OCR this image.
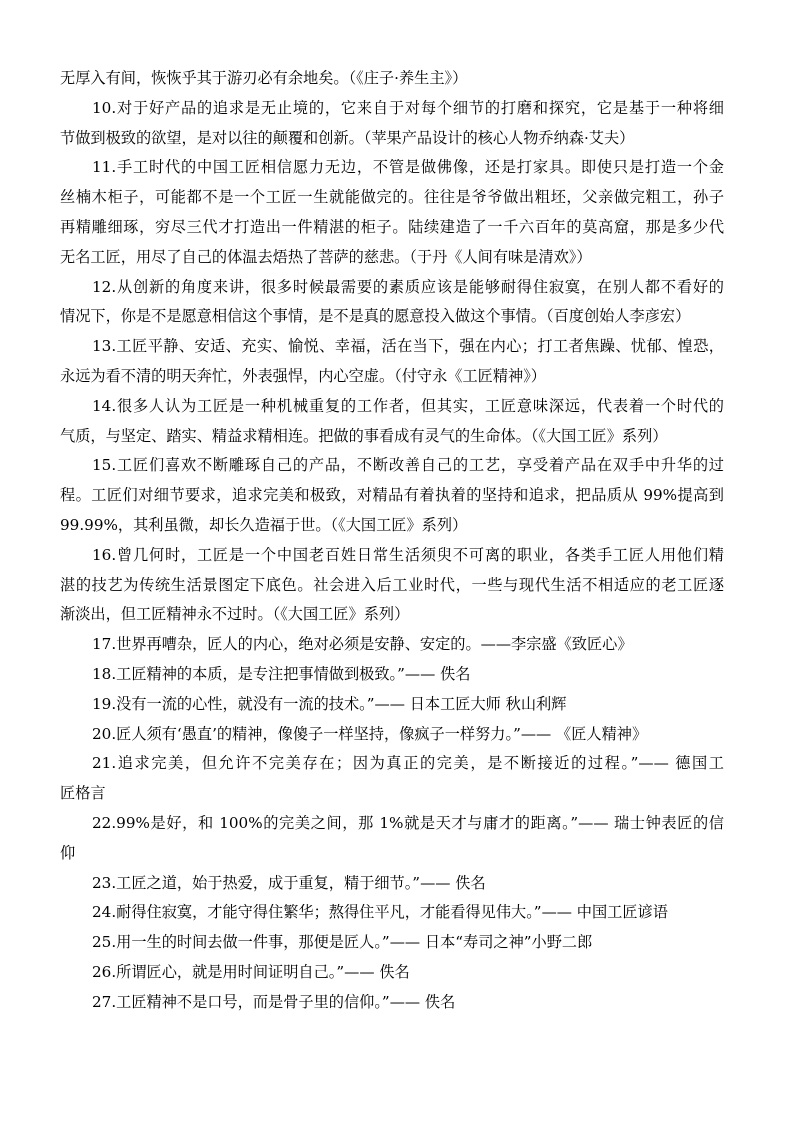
无厚入有间，恢恢乎其于游刃必有余地矣。（《庄子·养生主》）
10.对于好产品的追求是无止境的，它来自于对每个细节的打磨和探究，它是基于一种将细
节做到极致的欲望，是对以往的颠覆和创新。（苹果产品设计的核心人物乔纳森·艾夫）
11.手工时代的中国工匠相信愿力无边，不管是做佛像，还是打家具。即使只是打造一个金
丝楠木柜子，可能都不是一个工匠一生就能做完的。往往是爷爷做出粗坯，父亲做完粗工，孙子
再精雕细琢，穷尽三代才打造出一件精湛的柜子。陆续建造了一千六百年的莫高窟，那是多少代
无名工匠，用尽了自己的体温去焐热了菩萨的慈悲。（于丹《人间有味是清欢》）
12.从创新的角度来讲，很多时候最需要的素质应该是能够耐得住寂寞，在别人都不看好的
情况下，你是不是愿意相信这个事情，是不是真的愿意投入做这个事情。（百度创始人李彦宏）
13.工匠平静、安适、充实、愉悦、幸福，活在当下，强在内心；打工者焦躁、忧郁、惶恐，
永远为看不清的明天奔忙，外表强悍，内心空虚。（付守永《工匠精神》）
14.很多人认为工匠是一种机械重复的工作者，但其实，工匠意味深远，代表着一个时代的
气质，与坚定、踏实、精益求精相连。把做的事看成有灵气的生命体。（《大国工匠》系列）
15.工匠们喜欢不断雕琢自己的产品，不断改善自己的工艺，享受着产品在双手中升华的过
程。工匠们对细节要求，追求完美和极致，对精品有着执着的坚持和追求，把品质从 99%提高到
99.99%，其利虽微，却长久造福于世。（《大国工匠》系列）
16.曾几何时，工匠是一个中国老百姓日常生活须臾不可离的职业，各类手工匠人用他们精
湛的技艺为传统生活景图定下底色。社会进入后工业时代，一些与现代生活不相适应的老工匠逐
渐淡出，但工匠精神永不过时。（《大国工匠》系列）
17.世界再嘈杂，匠人的内心，绝对必须是安静、安定的。——李宗盛《致匠心》
18.工匠精神的本质，是专注把事情做到极致。”—— 佚名
19.没有一流的心性，就没有一流的技术。”—— 日本工匠大师 秋山利辉
20.匠人须有‘愚直’的精神，像傻子一样坚持，像疯子一样努力。”—— 《匠人精神》
21.追求完美，但允许不完美存在；因为真正的完美，是不断接近的过程。”—— 德国工
匠格言
22.99%是好，和 100%的完美之间，那 1%就是天才与庸才的距离。”—— 瑞士钟表匠的信
仰
23.工匠之道，始于热爱，成于重复，精于细节。”—— 佚名
24.耐得住寂寞，才能守得住繁华；熬得住平凡，才能看得见伟大。”—— 中国工匠谚语
25.用一生的时间去做一件事，那便是匠人。”—— 日本“寿司之神”小野二郎
26.所谓匠心，就是用时间证明自己。”—— 佚名
27.工匠精神不是口号，而是骨子里的信仰。”—— 佚名
